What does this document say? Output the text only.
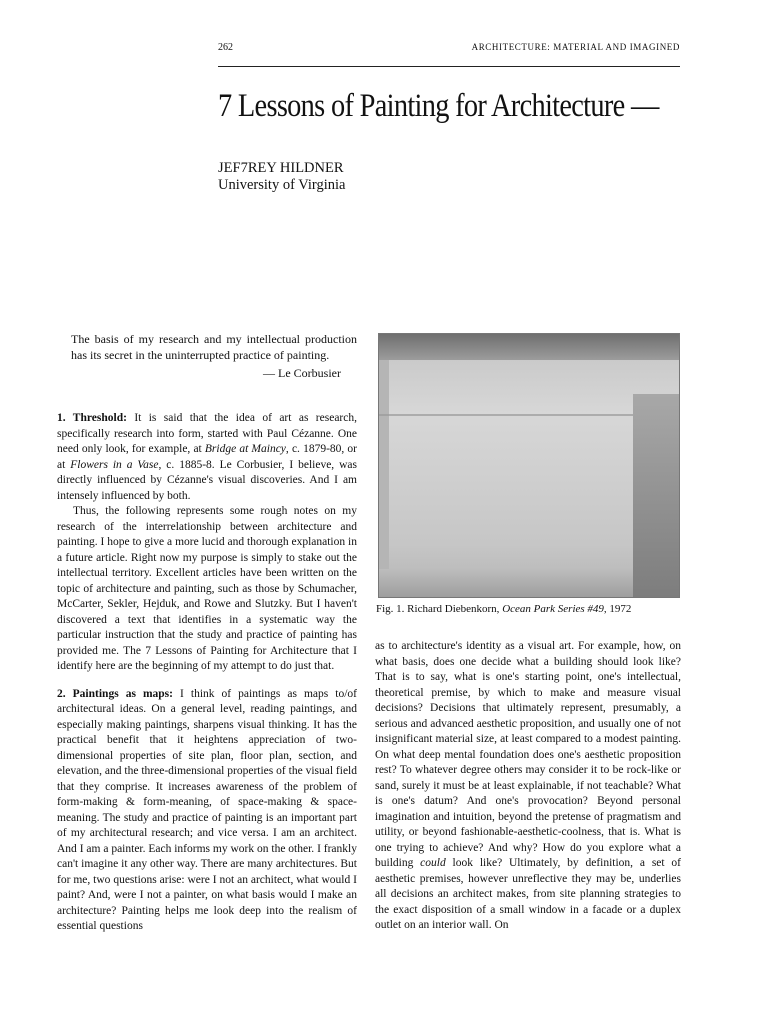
262	ARCHITECTURE: MATERIAL AND IMAGINED
7 Lessons of Painting for Architecture —
JEF7REY HILDNER
University of Virginia

The basis of my research and my intellectual production has its secret in the uninterrupted practice of painting.

— Le Corbusier

1. Threshold: It is said that the idea of art as research, specifically research into form, started with Paul Cézanne. One need only look, for example, at Bridge at Maincy, c. 1879-80, or at Flowers in a Vase, c. 1885-8. Le Corbusier, I believe, was directly influenced by Cézanne's visual discoveries. And I am intensely influenced by both.

Thus, the following represents some rough notes on my research of the interrelationship between architecture and painting. I hope to give a more lucid and thorough explanation in a future article. Right now my purpose is simply to stake out the intellectual territory. Excellent articles have been written on the topic of architecture and painting, such as those by Schumacher, McCarter, Sekler, Hejduk, and Rowe and Slutzky. But I haven't discovered a text that identifies in a systematic way the particular instruction that the study and practice of painting has provided me. The 7 Lessons of Painting for Architecture that I identify here are the beginning of my attempt to do just that.

2. Paintings as maps: I think of paintings as maps to/of architectural ideas. On a general level, reading paintings, and especially making paintings, sharpens visual thinking. It has the practical benefit that it heightens appreciation of two-dimensional properties of site plan, floor plan, section, and elevation, and the three-dimensional properties of the visual field that they comprise. It increases awareness of the problem of form-making & form-meaning, of space-making & space-meaning. The study and practice of painting is an important part of my architectural research; and vice versa. I am an architect. And I am a painter. Each informs my work on the other. I frankly can't imagine it any other way. There are many architectures. But for me, two questions arise: were I not an architect, what would I paint? And, were I not a painter, on what basis would I make an architecture? Painting helps me look deep into the realism of essential questions

Fig. 1. Richard Diebenkorn, Ocean Park Series #49, 1972

as to architecture's identity as a visual art. For example, how, on what basis, does one decide what a building should look like? That is to say, what is one's starting point, one's intellectual, theoretical premise, by which to make and measure visual decisions? Decisions that ultimately represent, presumably, a serious and advanced aesthetic proposition, and usually one of not insignificant material size, at least compared to a modest painting. On what deep mental foundation does one's aesthetic proposition rest? To whatever degree others may consider it to be rock-like or sand, surely it must be at least explainable, if not teachable? What is one's datum? And one's provocation? Beyond personal imagination and intuition, beyond the pretense of pragmatism and utility, or beyond fashionable-aesthetic-coolness, that is. What is one trying to achieve? And why? How do you explore what a building could look like? Ultimately, by definition, a set of aesthetic premises, however unreflective they may be, underlies all decisions an architect makes, from site planning strategies to the exact disposition of a small window in a facade or a duplex outlet on an interior wall. On
